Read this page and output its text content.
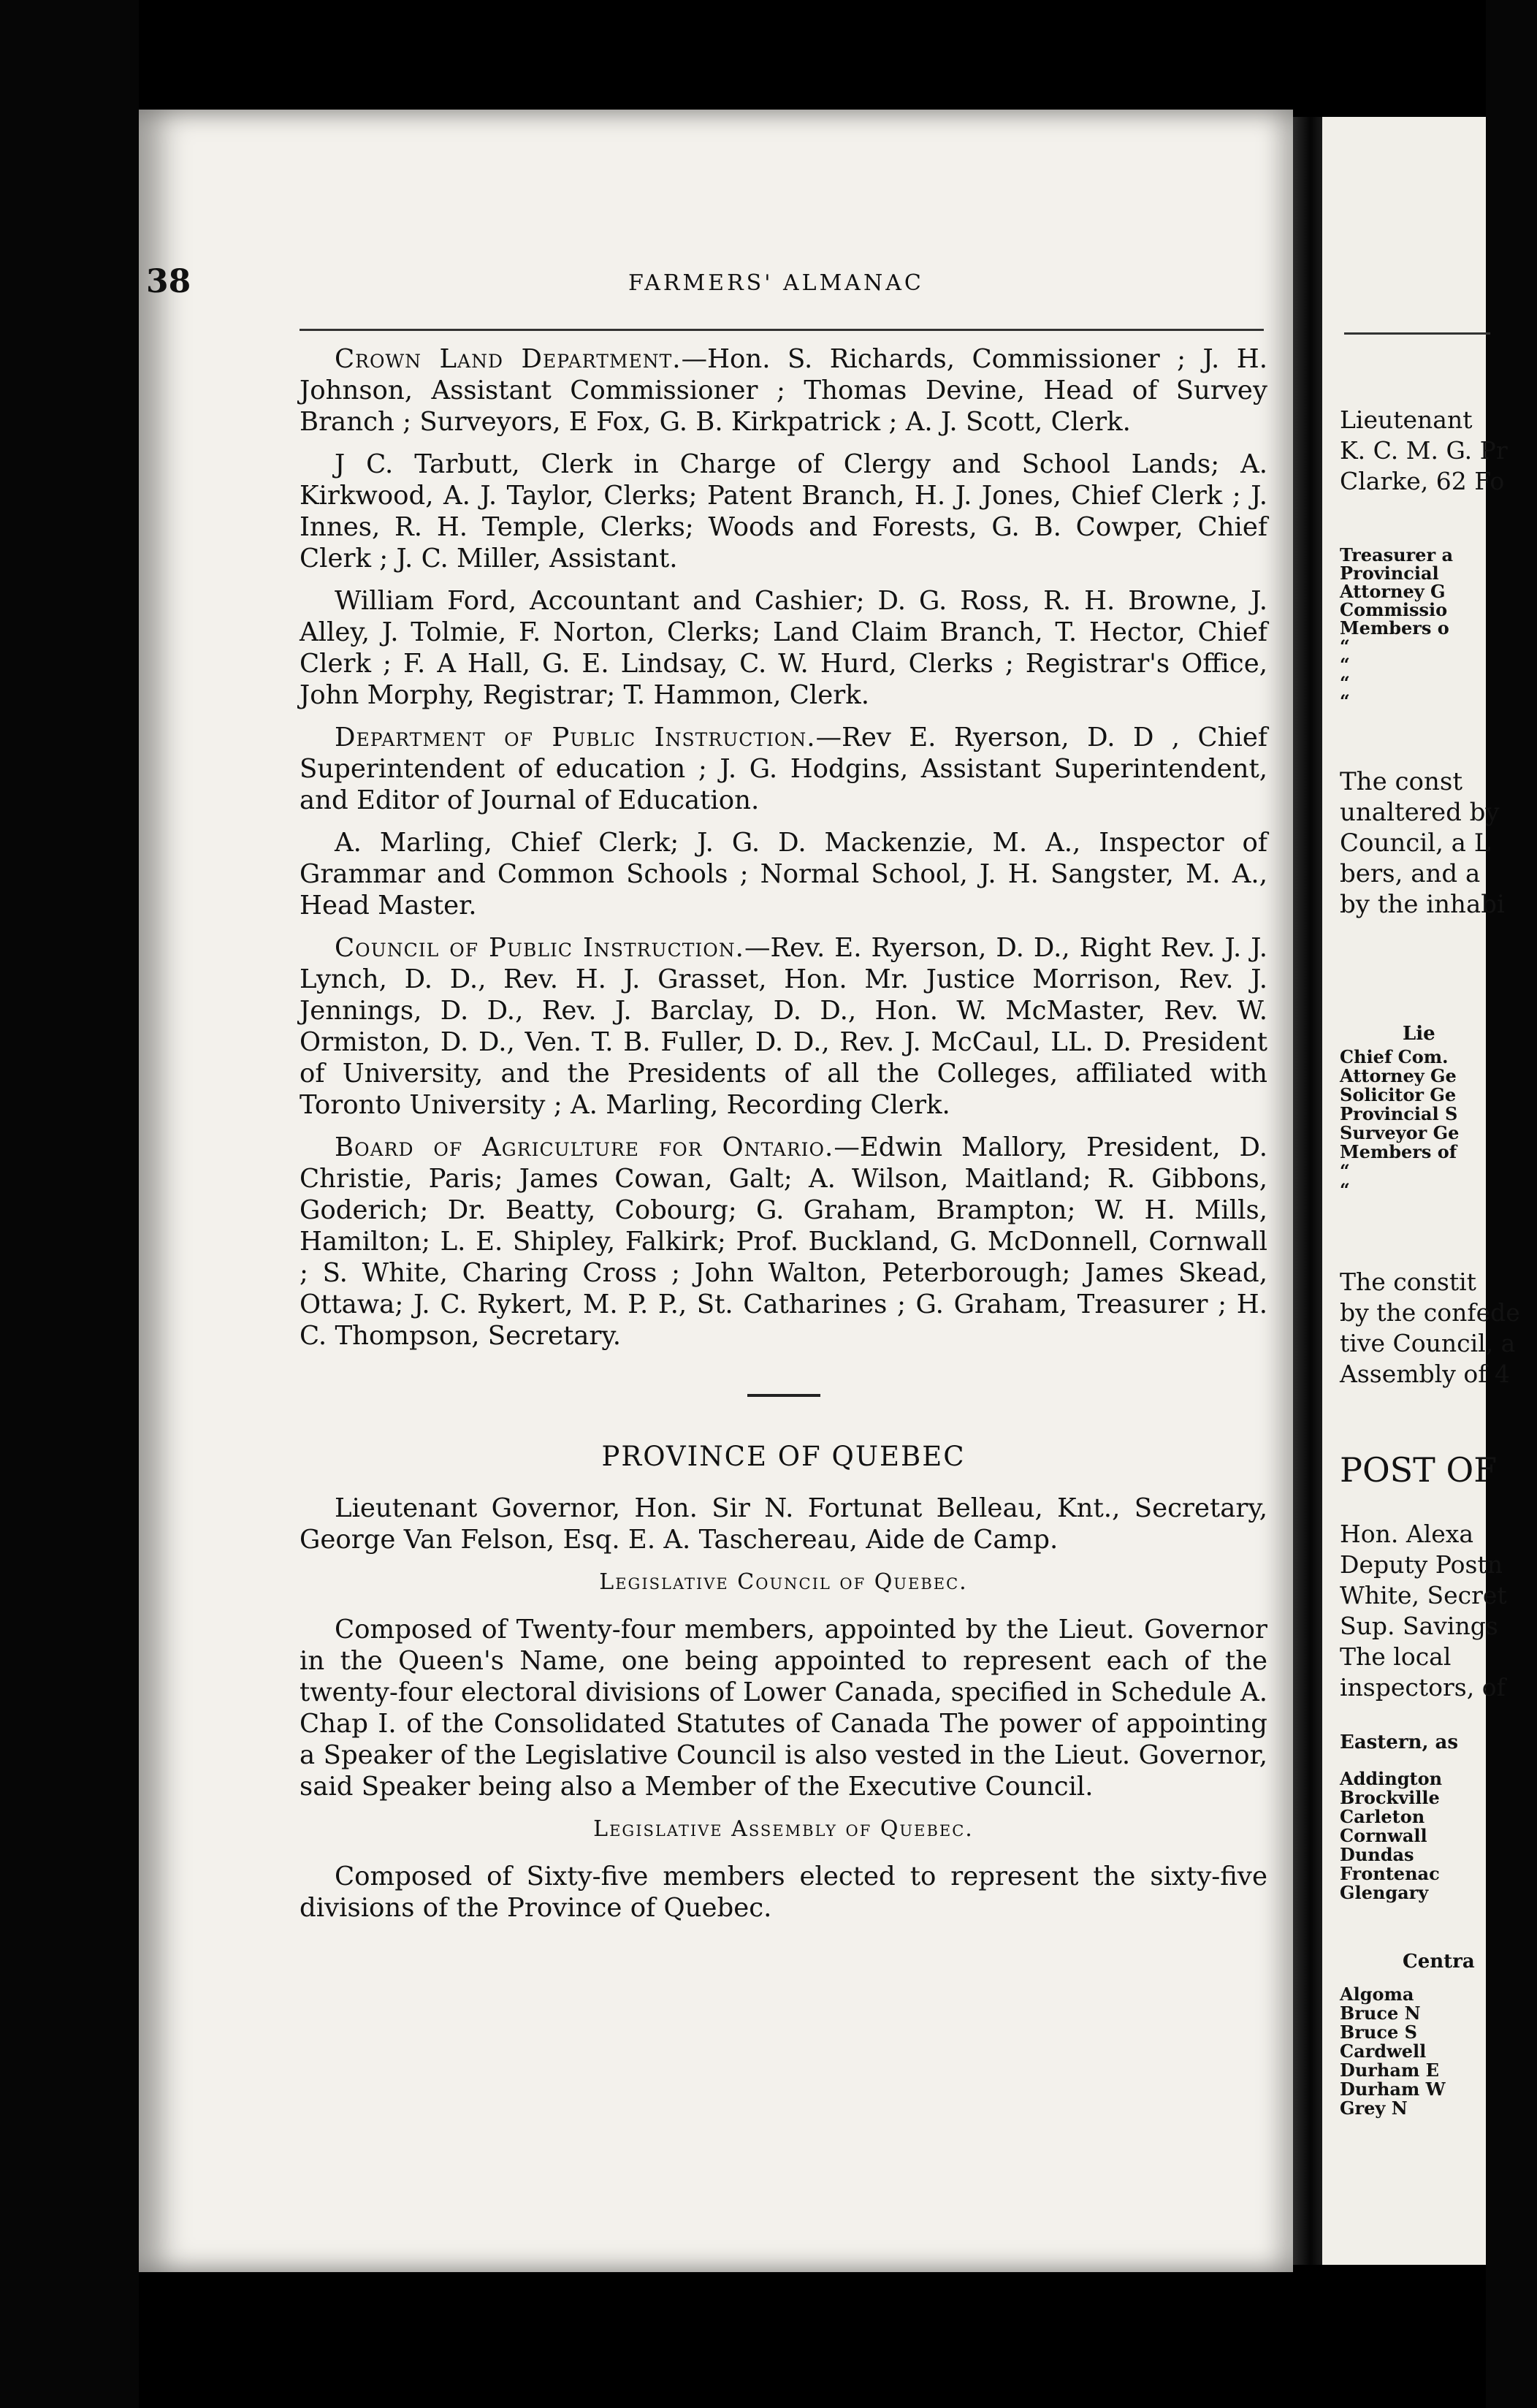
38	FARMERS' ALMANAC

Crown Land Department.—Hon. S. Richards, Commissioner ; J. H. Johnson, Assistant Commissioner ; Thomas Devine, Head of Survey Branch ; Surveyors, E Fox, G. B. Kirkpatrick ; A. J. Scott, Clerk.

J C. Tarbutt, Clerk in Charge of Clergy and School Lands; A. Kirkwood, A. J. Taylor, Clerks; Patent Branch, H. J. Jones, Chief Clerk ; J. Innes, R. H. Temple, Clerks; Woods and Forests, G. B. Cowper, Chief Clerk ; J. C. Miller, Assistant.

William Ford, Accountant and Cashier; D. G. Ross, R. H. Browne, J. Alley, J. Tolmie, F. Norton, Clerks; Land Claim Branch, T. Hector, Chief Clerk ; F. A Hall, G. E. Lindsay, C. W. Hurd, Clerks ; Registrar's Office, John Morphy, Registrar; T. Hammon, Clerk.

Department of Public Instruction.—Rev E. Ryerson, D. D , Chief Superintendent of education ; J. G. Hodgins, Assistant Superintendent, and Editor of Journal of Education.

A. Marling, Chief Clerk; J. G. D. Mackenzie, M. A., Inspector of Grammar and Common Schools ; Normal School, J. H. Sangster, M. A., Head Master.

Council of Public Instruction.—Rev. E. Ryerson, D. D., Right Rev. J. J. Lynch, D. D., Rev. H. J. Grasset, Hon. Mr. Justice Morrison, Rev. J. Jennings, D. D., Rev. J. Barclay, D. D., Hon. W. McMaster, Rev. W. Ormiston, D. D., Ven. T. B. Fuller, D. D., Rev. J. McCaul, LL. D. President of University, and the Presidents of all the Colleges, affiliated with Toronto University ; A. Marling, Recording Clerk.

Board of Agriculture for Ontario.—Edwin Mallory, President, D. Christie, Paris; James Cowan, Galt; A. Wilson, Maitland; R. Gibbons, Goderich; Dr. Beatty, Cobourg; G. Graham, Brampton; W. H. Mills, Hamilton; L. E. Shipley, Falkirk; Prof. Buckland, G. McDonnell, Cornwall ; S. White, Charing Cross ; John Walton, Peterborough; James Skead, Ottawa; J. C. Rykert, M. P. P., St. Catharines ; G. Graham, Treasurer ; H. C. Thompson, Secretary.

PROVINCE OF QUEBEC

Lieutenant Governor, Hon. Sir N. Fortunat Belleau, Knt., Secretary, George Van Felson, Esq. E. A. Taschereau, Aide de Camp.

Legislative Council of Quebec.

Composed of Twenty-four members, appointed by the Lieut. Governor in the Queen's Name, one being appointed to represent each of the twenty-four electoral divisions of Lower Canada, specified in Schedule A. Chap I. of the Consolidated Statutes of Canada The power of appointing a Speaker of the Legislative Council is also vested in the Lieut. Governor, said Speaker being also a Member of the Executive Council.

Legislative Assembly of Quebec.

Composed of Sixty-five members elected to represent the sixty-five divisions of the Province of Quebec.

Lieutenant
K. C. M. G. Pr
Clarke, 62 Fo
Treasurer a
Provincial
Attorney G
Commissio
Members o
“
“
“
“
The const
unaltered by
Council, a L
bers, and a
by the inhabi
Lie
Chief Com.
Attorney Ge
Solicitor Ge
Provincial S
Surveyor Ge
Members of
“
“
The constit
by the confede
tive Council, a
Assembly of 4
POST OF
Hon. Alexa
Deputy Postn
White, Secret
Sup. Savings
The local
inspectors, of
Eastern, as
Addington
Brockville
Carleton
Cornwall
Dundas
Frontenac
Glengary
Centra
Algoma
Bruce N
Bruce S
Cardwell
Durham E
Durham W
Grey N
